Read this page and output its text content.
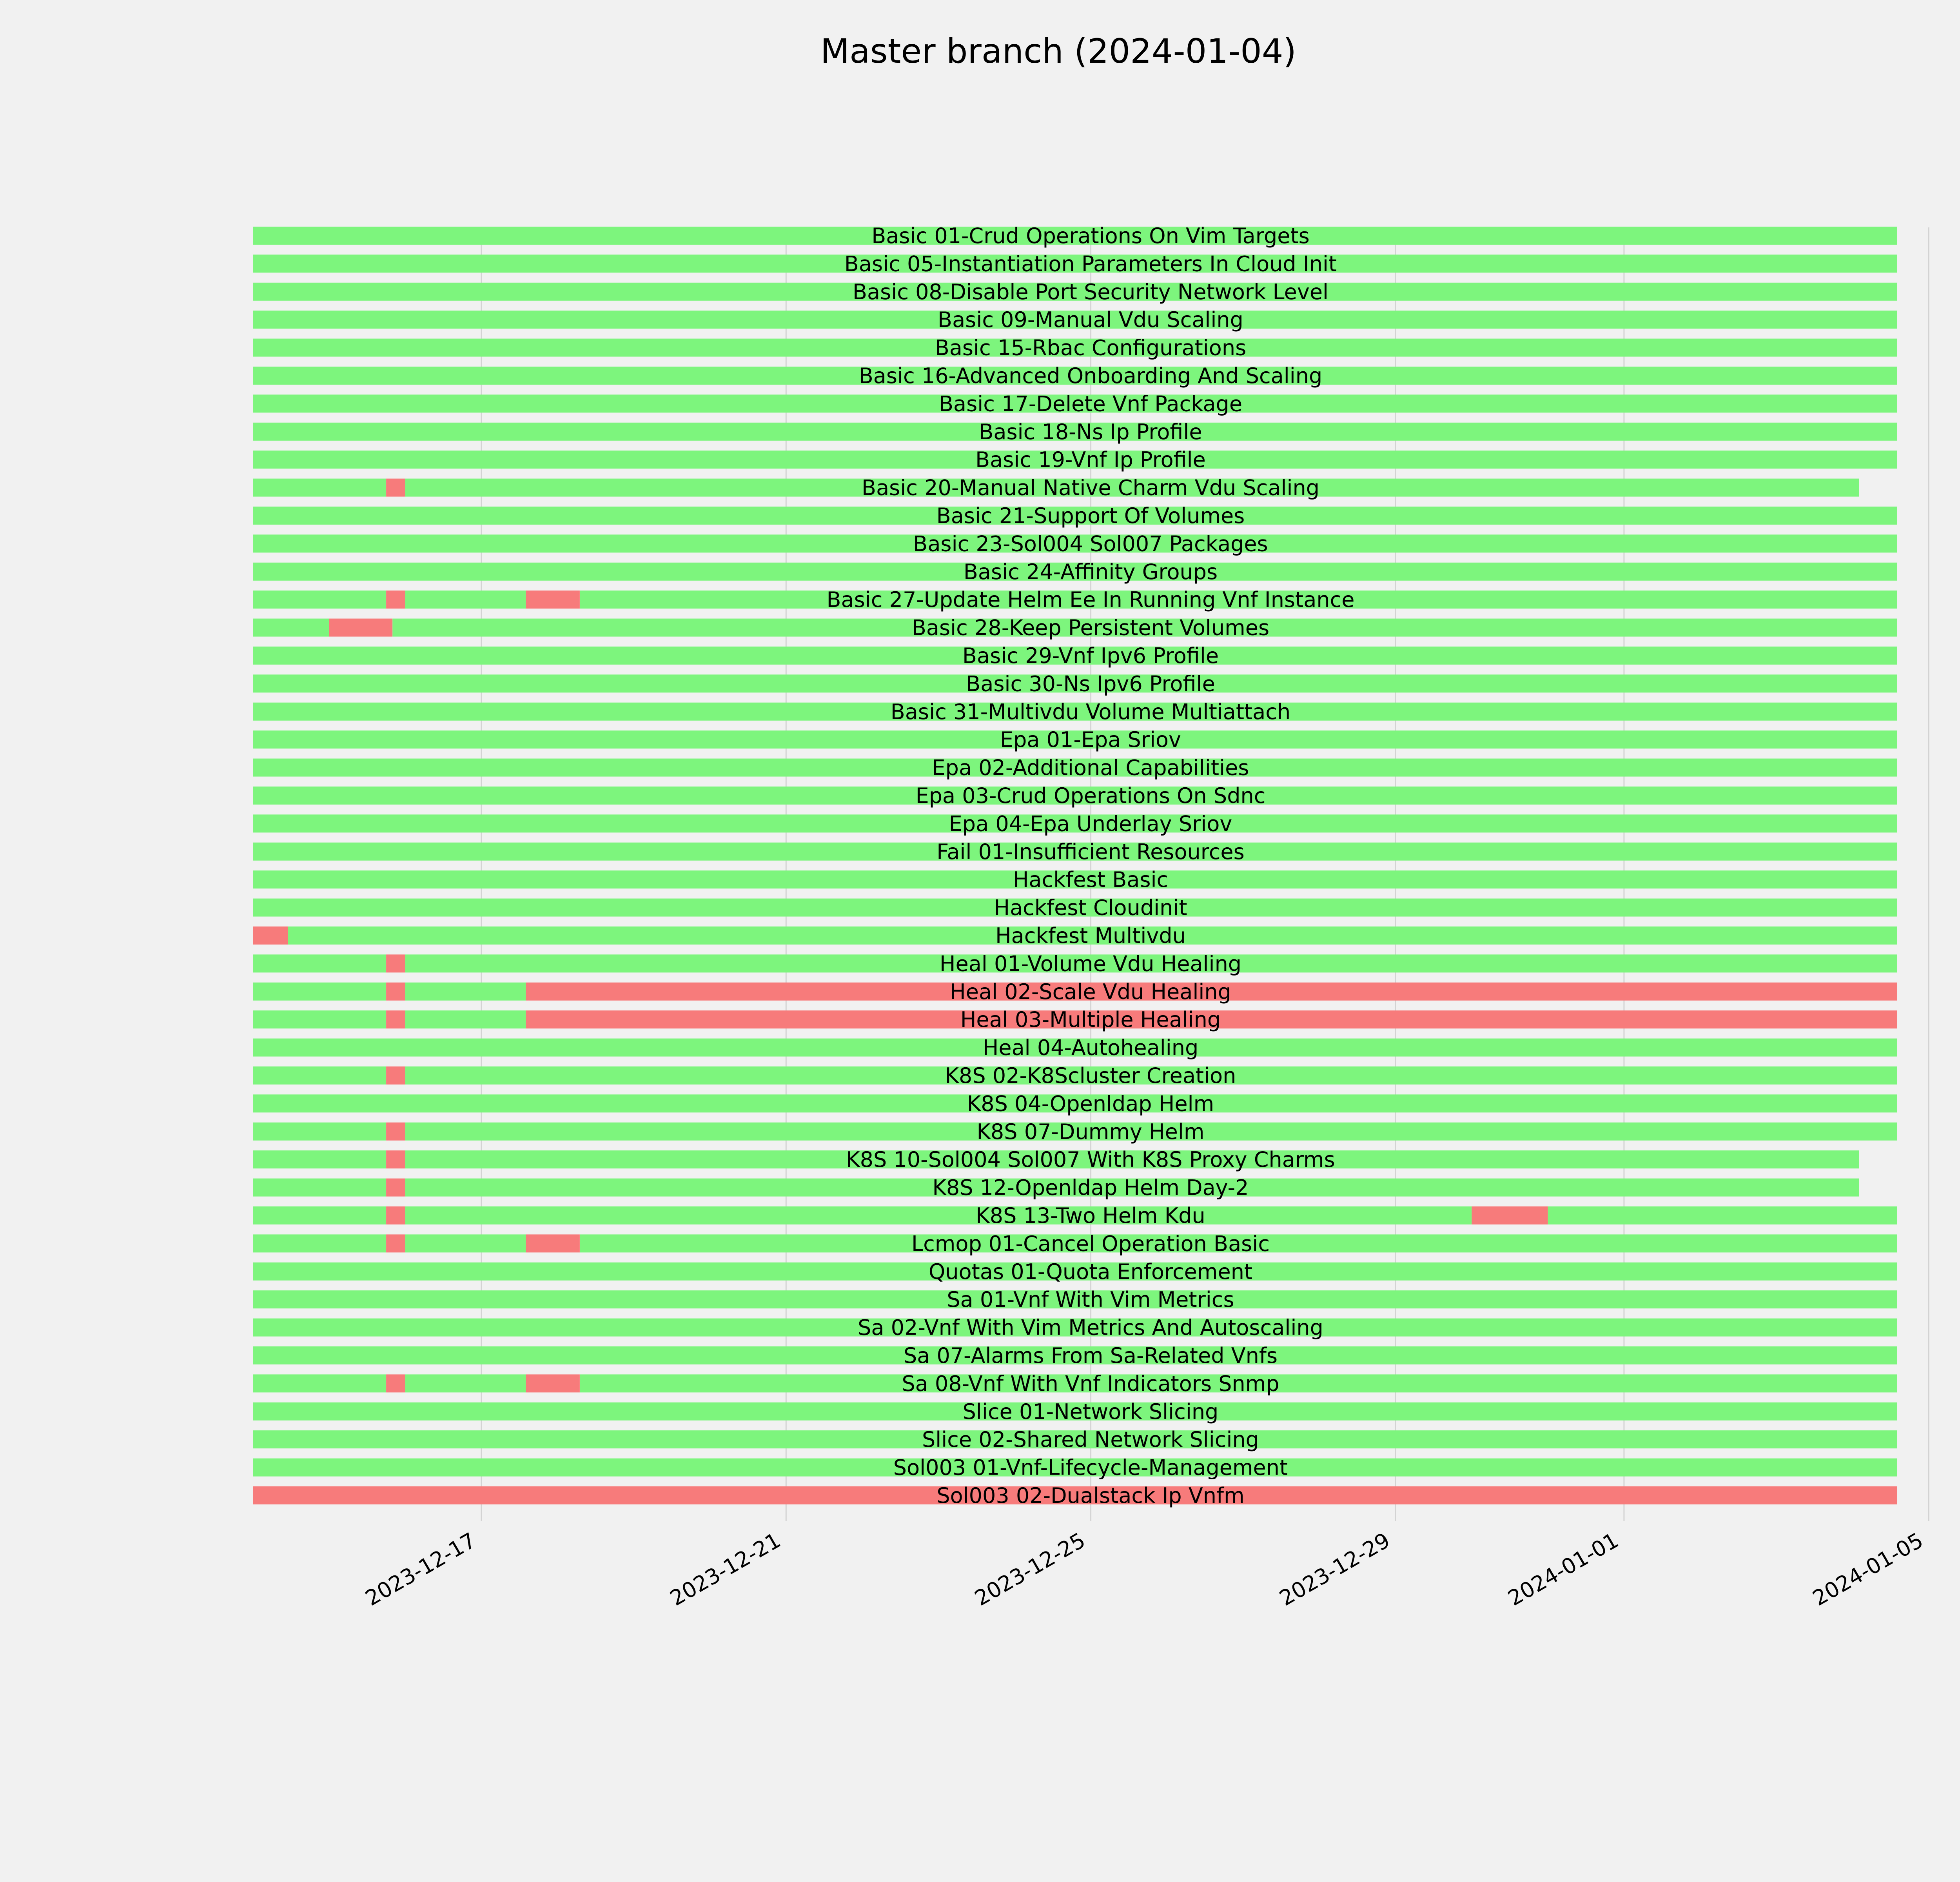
Master branch (2024-01-04)
Basic 01-Crud Operations On Vim Targets
Basic 05-Instantiation Parameters In Cloud Init
Basic 08-Disable Port Security Network Level
Basic 09-Manual Vdu Scaling
Basic 15-Rbac Configurations
Basic 16-Advanced Onboarding And Scaling
Basic 17-Delete Vnf Package
Basic 18-Ns Ip Profile
Basic 19-Vnf Ip Profile
Basic 20-Manual Native Charm Vdu Scaling
Basic 21-Support Of Volumes
Basic 23-Sol004 Sol007 Packages
Basic 24-Affinity Groups
Basic 27-Update Helm Ee In Running Vnf Instance
Basic 28-Keep Persistent Volumes
Basic 29-Vnf Ipv6 Profile
Basic 30-Ns Ipv6 Profile
Basic 31-Multivdu Volume Multiattach
Epa 01-Epa Sriov
Epa 02-Additional Capabilities
Epa 03-Crud Operations On Sdnc
Epa 04-Epa Underlay Sriov
Fail 01-Insufficient Resources
Hackfest Basic
Hackfest Cloudinit
Hackfest Multivdu
Heal 01-Volume Vdu Healing
Heal 02-Scale Vdu Healing
Heal 03-Multiple Healing
Heal 04-Autohealing
K8S 02-K8Scluster Creation
K8S 04-Openldap Helm
K8S 07-Dummy Helm
K8S 10-Sol004 Sol007 With K8S Proxy Charms
K8S 12-Openldap Helm Day-2
K8S 13-Two Helm Kdu
Lcmop 01-Cancel Operation Basic
Quotas 01-Quota Enforcement
Sa 01-Vnf With Vim Metrics
Sa 02-Vnf With Vim Metrics And Autoscaling
Sa 07-Alarms From Sa-Related Vnfs
Sa 08-Vnf With Vnf Indicators Snmp
Slice 01-Network Slicing
Slice 02-Shared Network Slicing
Sol003 01-Vnf-Lifecycle-Management
Sol003 02-Dualstack Ip Vnfm
2023-12-17	2023-12-21	2023-12-25	2023-12-29	2024-01-01	2024-01-05
